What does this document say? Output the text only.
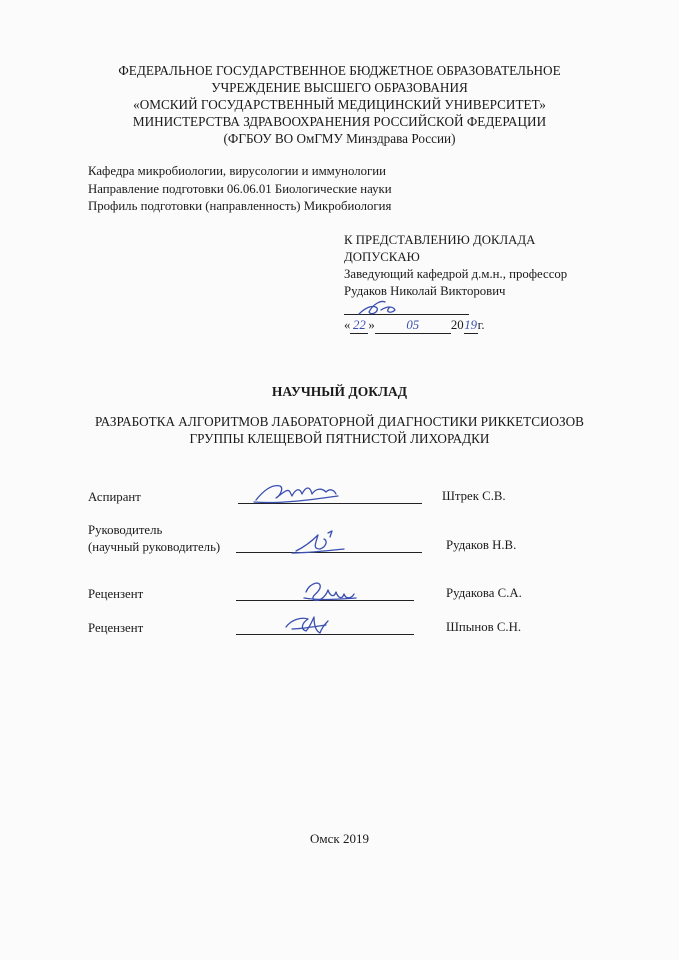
ФЕДЕРАЛЬНОЕ ГОСУДАРСТВЕННОЕ БЮДЖЕТНОЕ ОБРАЗОВАТЕЛЬНОЕ
УЧРЕЖДЕНИЕ ВЫСШЕГО ОБРАЗОВАНИЯ
«ОМСКИЙ ГОСУДАРСТВЕННЫЙ МЕДИЦИНСКИЙ УНИВЕРСИТЕТ»
МИНИСТЕРСТВА ЗДРАВООХРАНЕНИЯ РОССИЙСКОЙ ФЕДЕРАЦИИ
(ФГБОУ ВО ОмГМУ Минздрава России)
Кафедра микробиологии, вирусологии и иммунологии
Направление подготовки 06.06.01 Биологические науки
Профиль подготовки (направленность) Микробиология
К ПРЕДСТАВЛЕНИЮ ДОКЛАДА
ДОПУСКАЮ
Заведующий кафедрой д.м.н., профессор
Рудаков Николай Викторович
« 22 » 05 2019г.
НАУЧНЫЙ ДОКЛАД
РАЗРАБОТКА АЛГОРИТМОВ ЛАБОРАТОРНОЙ ДИАГНОСТИКИ РИККЕТСИОЗОВ
ГРУППЫ КЛЕЩЕВОЙ ПЯТНИСТОЙ ЛИХОРАДКИ
Аспирант	Штрек С.В.
Руководитель
(научный руководитель)	Рудаков Н.В.
Рецензент	Рудакова С.А.
Рецензент	Шпынов С.Н.
Омск 2019
